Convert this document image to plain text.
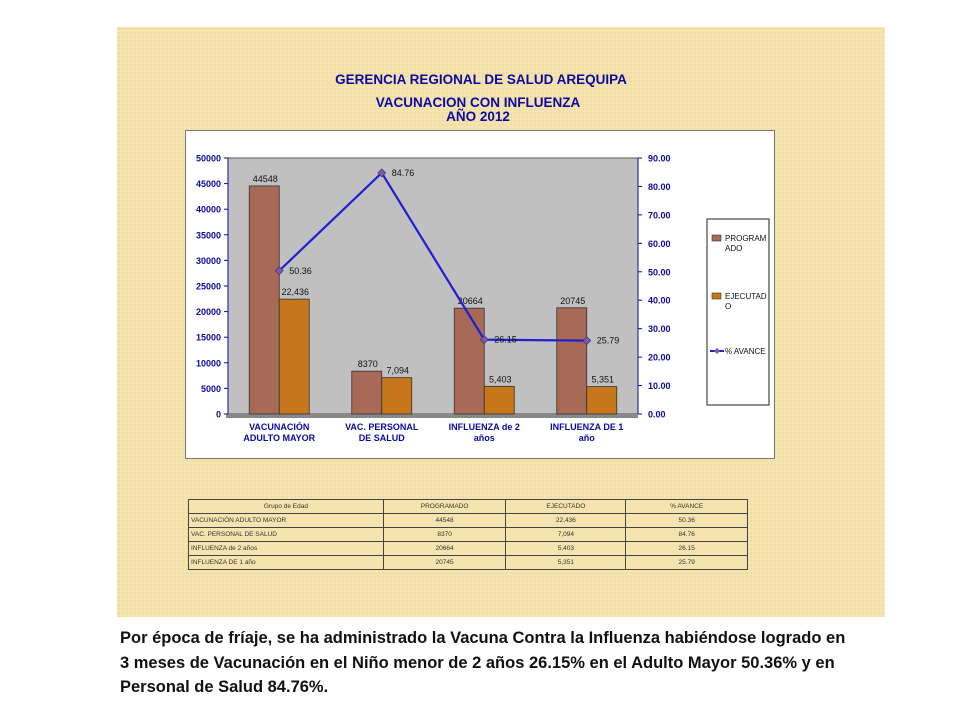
GERENCIA REGIONAL DE SALUD AREQUIPA
VACUNACION CON INFLUENZA
AÑO 2012
0
5000
10000
15000
20000
25000
30000
35000
40000
45000
50000
0.00
10.00
20.00
30.00
40.00
50.00
60.00
70.00
80.00
90.00
44548
22,436
VACUNACIÓN
ADULTO MAYOR
8370
7,094
VAC. PERSONAL
DE SALUD
20664
5,403
INFLUENZA de 2
años
20745
5,351
INFLUENZA DE 1
año
50.36
84.76
26.15	25.79
PROGRAM
ADO
EJECUTAD
O
% AVANCE
Grupo de Edad	PROGRAMADO	EJECUTADO	% AVANCE
VACUNACIÓN ADULTO MAYOR	44548	22,436	50.36
VAC. PERSONAL DE SALUD	8370	7,094	84.76
INFLUENZA de 2 años	20664	5,403	26.15
INFLUENZA DE 1 año	20745	5,351	25.79
Por época de fríaje, se ha administrado la Vacuna Contra la Influenza habiéndose logrado en 3 meses de Vacunación en el Niño menor de 2 años 26.15% en el Adulto Mayor 50.36% y en Personal de Salud 84.76%.
